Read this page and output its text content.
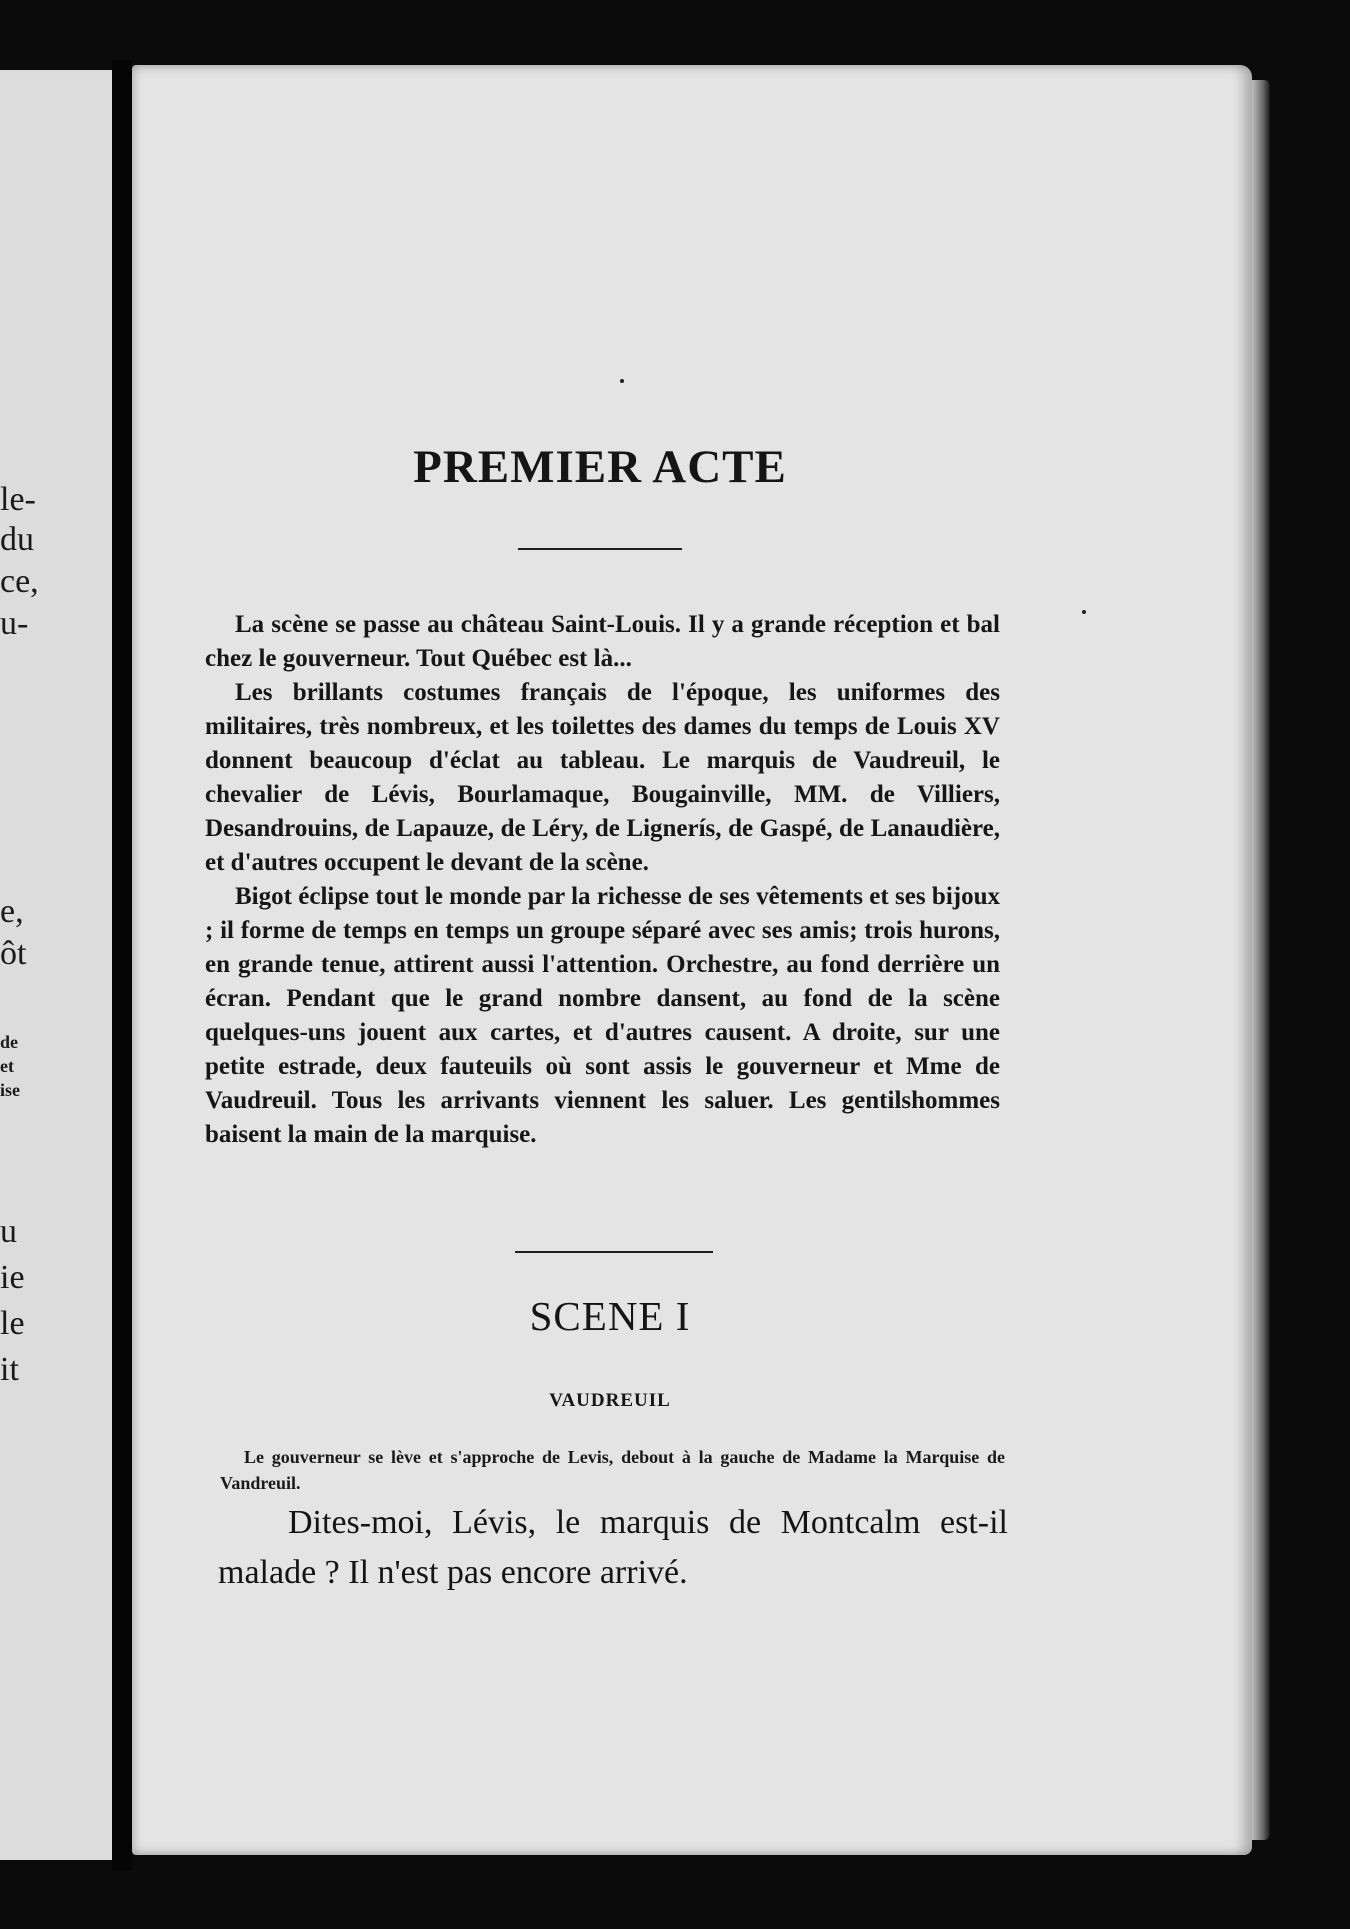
le-
du
ce,
u-
e,
ôt
de
et
ise
u
ie
le
it
PREMIER ACTE

La scène se passe au château Saint-Louis. Il y a grande réception et bal chez le gouverneur. Tout Québec est là...

Les brillants costumes français de l'époque, les uniformes des militaires, très nombreux, et les toilettes des dames du temps de Louis XV donnent beaucoup d'éclat au tableau. Le marquis de Vaudreuil, le chevalier de Lévis, Bourlamaque, Bougainville, MM. de Villiers, Desandrouins, de Lapauze, de Léry, de Lignerís, de Gaspé, de Lanaudière, et d'autres occupent le devant de la scène.

Bigot éclipse tout le monde par la richesse de ses vêtements et ses bijoux ; il forme de temps en temps un groupe séparé avec ses amis; trois hurons, en grande tenue, attirent aussi l'attention. Orchestre, au fond derrière un écran. Pendant que le grand nombre dansent, au fond de la scène quelques-uns jouent aux cartes, et d'autres causent. A droite, sur une petite estrade, deux fauteuils où sont assis le gouverneur et Mme de Vaudreuil. Tous les arrivants viennent les saluer. Les gentilshommes baisent la main de la marquise.

SCENE I
VAUDREUIL
Le gouverneur se lève et s'approche de Levis, debout à la gauche de Madame la Marquise de Vandreuil.

Dites-moi, Lévis, le marquis de Montcalm est-il malade ? Il n'est pas encore arrivé.
